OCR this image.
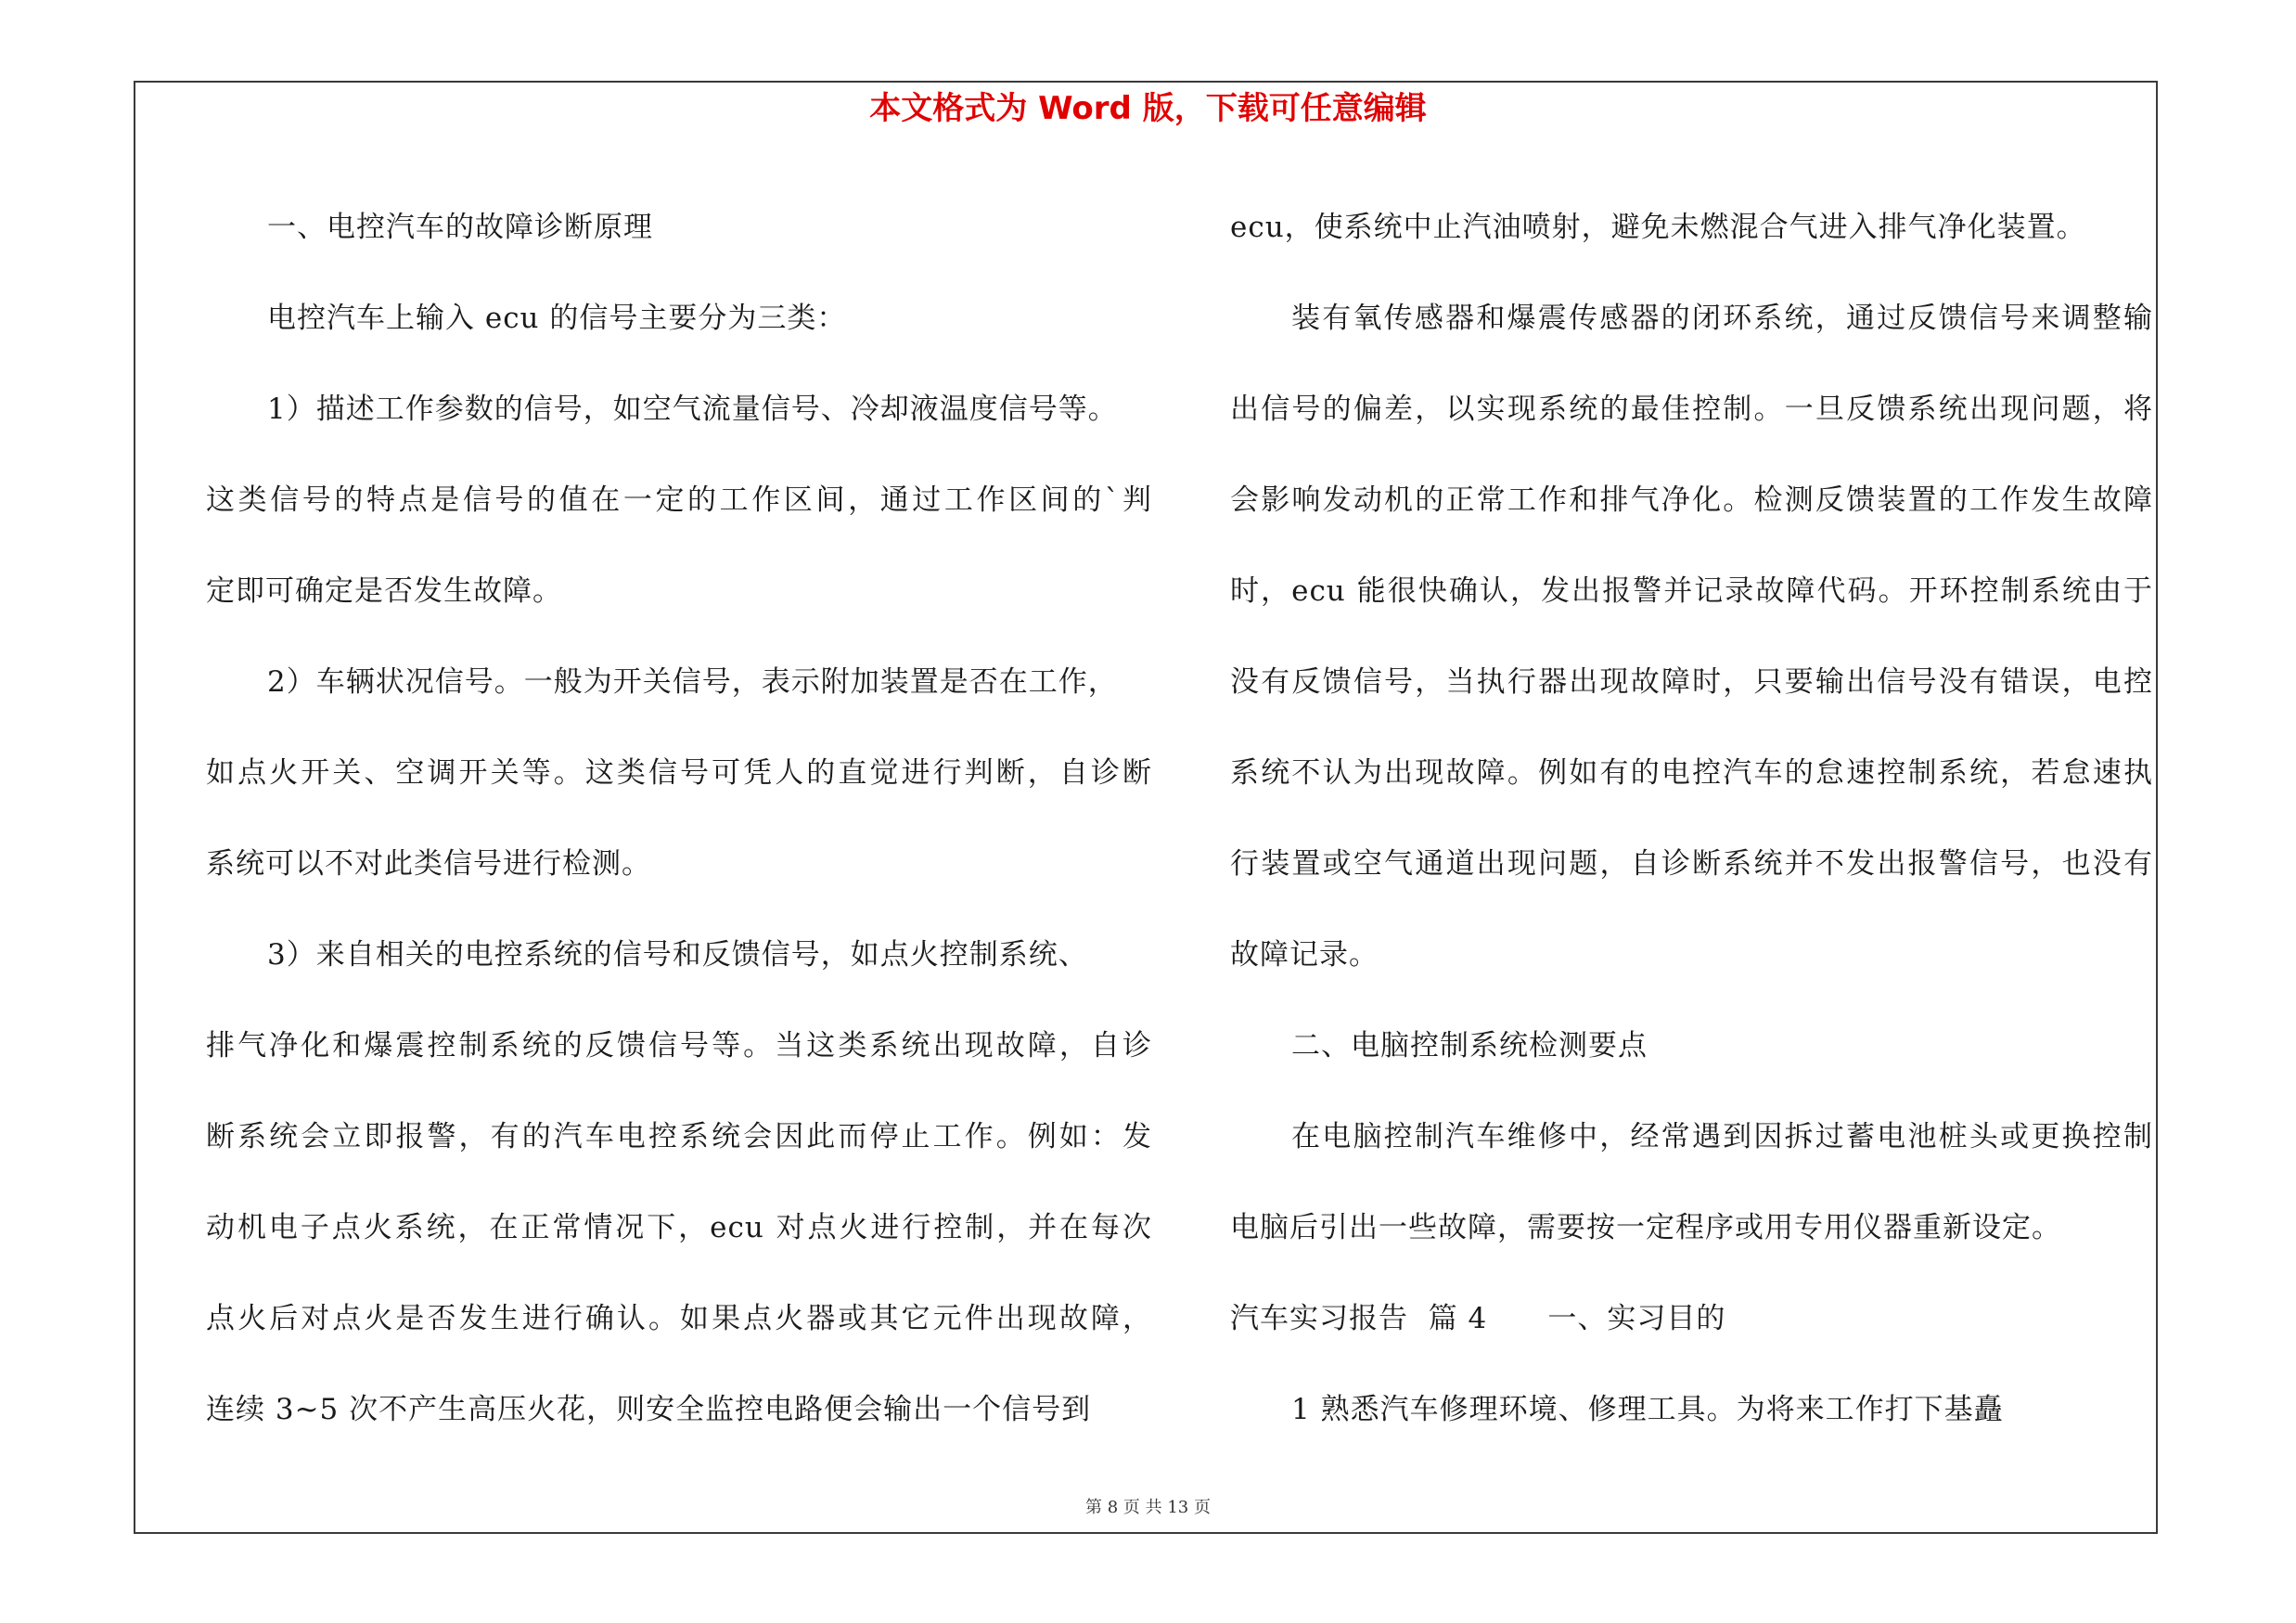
本文格式为 Word 版，下载可任意编辑
一、电控汽车的故障诊断原理
电控汽车上输入 ecu 的信号主要分为三类：
1）描述工作参数的信号，如空气流量信号、冷却液温度信号等。
这类信号的特点是信号的值在一定的工作区间，通过工作区间的`判
定即可确定是否发生故障。
2）车辆状况信号。一般为开关信号，表示附加装置是否在工作，
如点火开关、空调开关等。这类信号可凭人的直觉进行判断，自诊断
系统可以不对此类信号进行检测。
3）来自相关的电控系统的信号和反馈信号，如点火控制系统、
排气净化和爆震控制系统的反馈信号等。当这类系统出现故障，自诊
断系统会立即报警，有的汽车电控系统会因此而停止工作。例如：发
动机电子点火系统，在正常情况下，ecu 对点火进行控制，并在每次
点火后对点火是否发生进行确认。如果点火器或其它元件出现故障，
连续 3~5 次不产生高压火花，则安全监控电路便会输出一个信号到
ecu，使系统中止汽油喷射，避免未燃混合气进入排气净化装置。
装有氧传感器和爆震传感器的闭环系统，通过反馈信号来调整输
出信号的偏差，以实现系统的最佳控制。一旦反馈系统出现问题，将
会影响发动机的正常工作和排气净化。检测反馈装置的工作发生故障
时，ecu 能很快确认，发出报警并记录故障代码。开环控制系统由于
没有反馈信号，当执行器出现故障时，只要输出信号没有错误，电控
系统不认为出现故障。例如有的电控汽车的怠速控制系统，若怠速执
行装置或空气通道出现问题，自诊断系统并不发出报警信号，也没有
故障记录。
二、电脑控制系统检测要点
在电脑控制汽车维修中，经常遇到因拆过蓄电池桩头或更换控制
电脑后引出一些故障，需要按一定程序或用专用仪器重新设定。
汽车实习报告  篇 4      一、实习目的
1 熟悉汽车修理环境、修理工具。为将来工作打下基矗
第 8 页 共 13 页
